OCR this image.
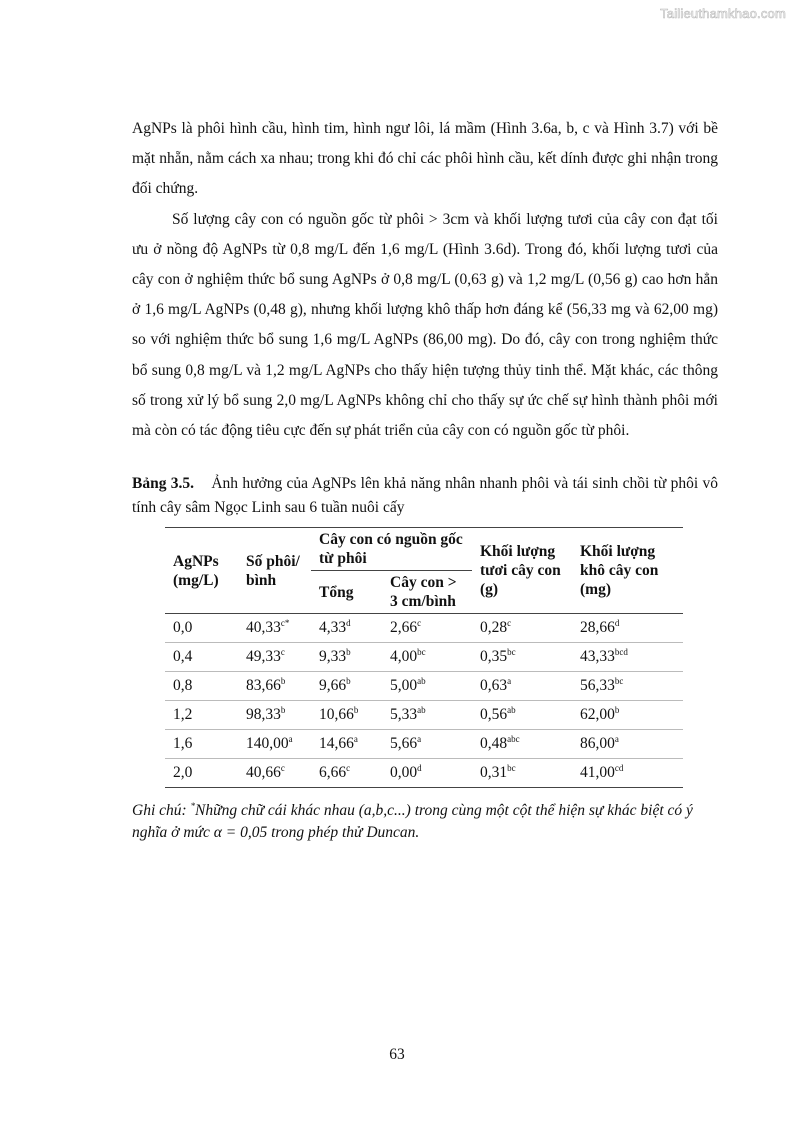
Tailieuthamkhao.com

AgNPs là phôi hình cầu, hình tim, hình ngư lôi, lá mầm (Hình 3.6a, b, c và Hình 3.7) với bề mặt nhẵn, nằm cách xa nhau; trong khi đó chỉ các phôi hình cầu, kết dính được ghi nhận trong đối chứng.

Số lượng cây con có nguồn gốc từ phôi > 3cm và khối lượng tươi của cây con đạt tối ưu ở nồng độ AgNPs từ 0,8 mg/L đến 1,6 mg/L (Hình 3.6d). Trong đó, khối lượng tươi của cây con ở nghiệm thức bổ sung AgNPs ở 0,8 mg/L (0,63 g) và 1,2 mg/L (0,56 g) cao hơn hẳn ở 1,6 mg/L AgNPs (0,48 g), nhưng khối lượng khô thấp hơn đáng kể (56,33 mg và 62,00 mg) so với nghiệm thức bổ sung 1,6 mg/L AgNPs (86,00 mg). Do đó, cây con trong nghiệm thức bổ sung 0,8 mg/L và 1,2 mg/L AgNPs cho thấy hiện tượng thủy tinh thể. Mặt khác, các thông số trong xử lý bổ sung 2,0 mg/L AgNPs không chỉ cho thấy sự ức chế sự hình thành phôi mới mà còn có tác động tiêu cực đến sự phát triển của cây con có nguồn gốc từ phôi.

Bảng 3.5. Ảnh hưởng của AgNPs lên khả năng nhân nhanh phôi và tái sinh chồi từ phôi vô tính cây sâm Ngọc Linh sau 6 tuần nuôi cấy
AgNPs (mg/L)	Số phôi/ bình	Cây con có nguồn gốc từ phôi		Khối lượng tươi cây con (g)	Khối lượng khô cây con (mg)
		Tổng	Cây con > 3 cm/bình		
0,0	$40,33^{c*}$	4,33$^d$	2,66$^c$	0,28$^c$	28,66$^d$
0,4	49,33$^c$	9,33$^b$	4,00$^{bc}$	0,35$^{bc}$	43,33$^{bcd}$
0,8	83,66$^b$	9,66$^b$	5,00$^{ab}$	0,63$^a$	56,33$^{bc}$
1,2	98,33$^b$	10,66$^b$	5,33$^{ab}$	0,56$^{ab}$	62,00$^b$
1,6	140,00$^a$	14,66$^a$	5,66$^a$	0,48$^{abc}$	86,00$^a$
2,0	40,66$^c$	6,66$^c$	0,00$^d$	0,31$^{bc}$	41,00$^{cd}$
Ghi chú: *Những chữ cái khác nhau (a,b,c...) trong cùng một cột thể hiện sự khác biệt có ý nghĩa ở mức α = 0,05 trong phép thử Duncan.
63
